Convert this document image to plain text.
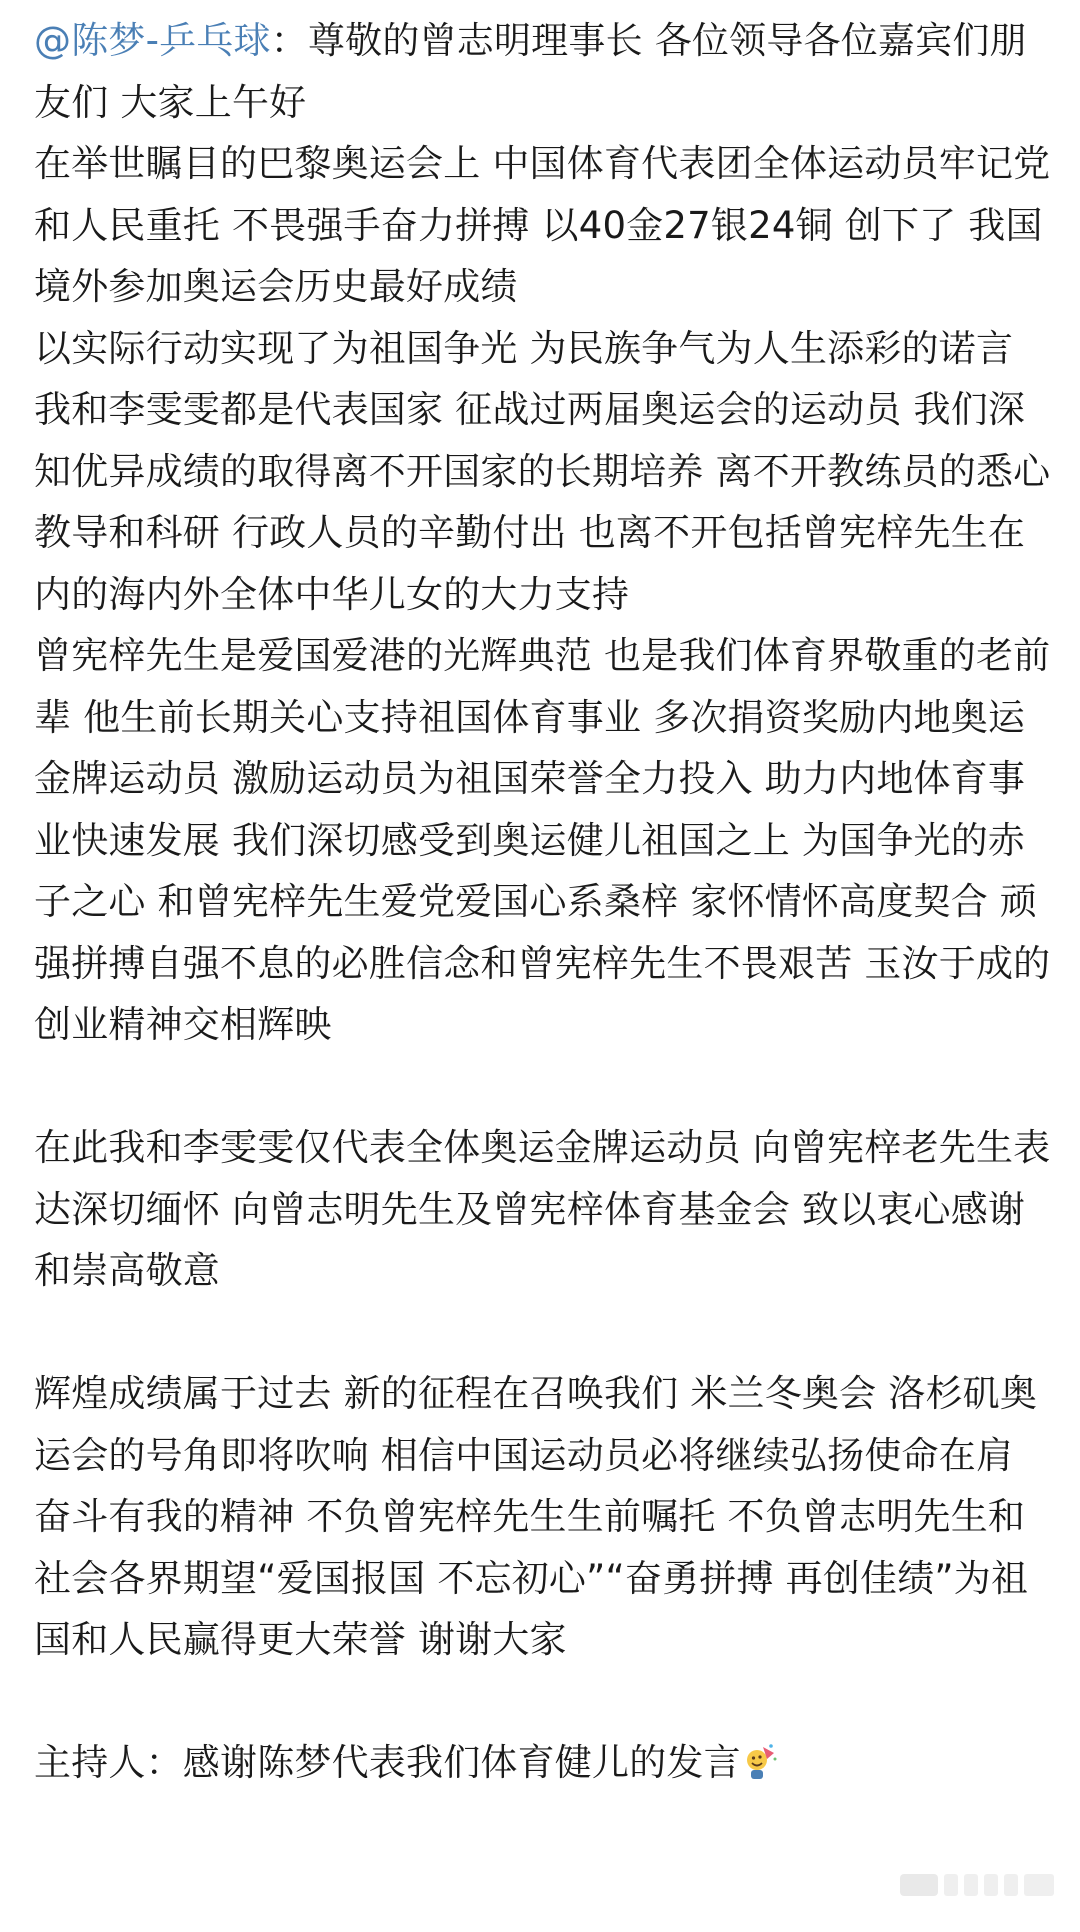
@陈梦-乒乓球：尊敬的曾志明理事长 各位领导各位嘉宾们朋友们 大家上午好

在举世瞩目的巴黎奥运会上 中国体育代表团全体运动员牢记党和人民重托 不畏强手奋力拼搏 以40金27银24铜 创下了 我国境外参加奥运会历史最好成绩

以实际行动实现了为祖国争光 为民族争气为人生添彩的诺言

我和李雯雯都是代表国家 征战过两届奥运会的运动员 我们深知优异成绩的取得离不开国家的长期培养 离不开教练员的悉心教导和科研 行政人员的辛勤付出 也离不开包括曾宪梓先生在内的海内外全体中华儿女的大力支持

曾宪梓先生是爱国爱港的光辉典范 也是我们体育界敬重的老前辈 他生前长期关心支持祖国体育事业 多次捐资奖励内地奥运金牌运动员 激励运动员为祖国荣誉全力投入 助力内地体育事业快速发展 我们深切感受到奥运健儿祖国之上 为国争光的赤子之心 和曾宪梓先生爱党爱国心系桑梓 家怀情怀高度契合 顽强拼搏自强不息的必胜信念和曾宪梓先生不畏艰苦 玉汝于成的创业精神交相辉映

在此我和李雯雯仅代表全体奥运金牌运动员 向曾宪梓老先生表达深切缅怀 向曾志明先生及曾宪梓体育基金会 致以衷心感谢和崇高敬意

辉煌成绩属于过去 新的征程在召唤我们 米兰冬奥会 洛杉矶奥运会的号角即将吹响 相信中国运动员必将继续弘扬使命在肩 奋斗有我的精神 不负曾宪梓先生生前嘱托 不负曾志明先生和社会各界期望“爱国报国 不忘初心”“奋勇拼搏 再创佳绩”为祖国和人民赢得更大荣誉 谢谢大家

主持人：感谢陈梦代表我们体育健儿的发言
